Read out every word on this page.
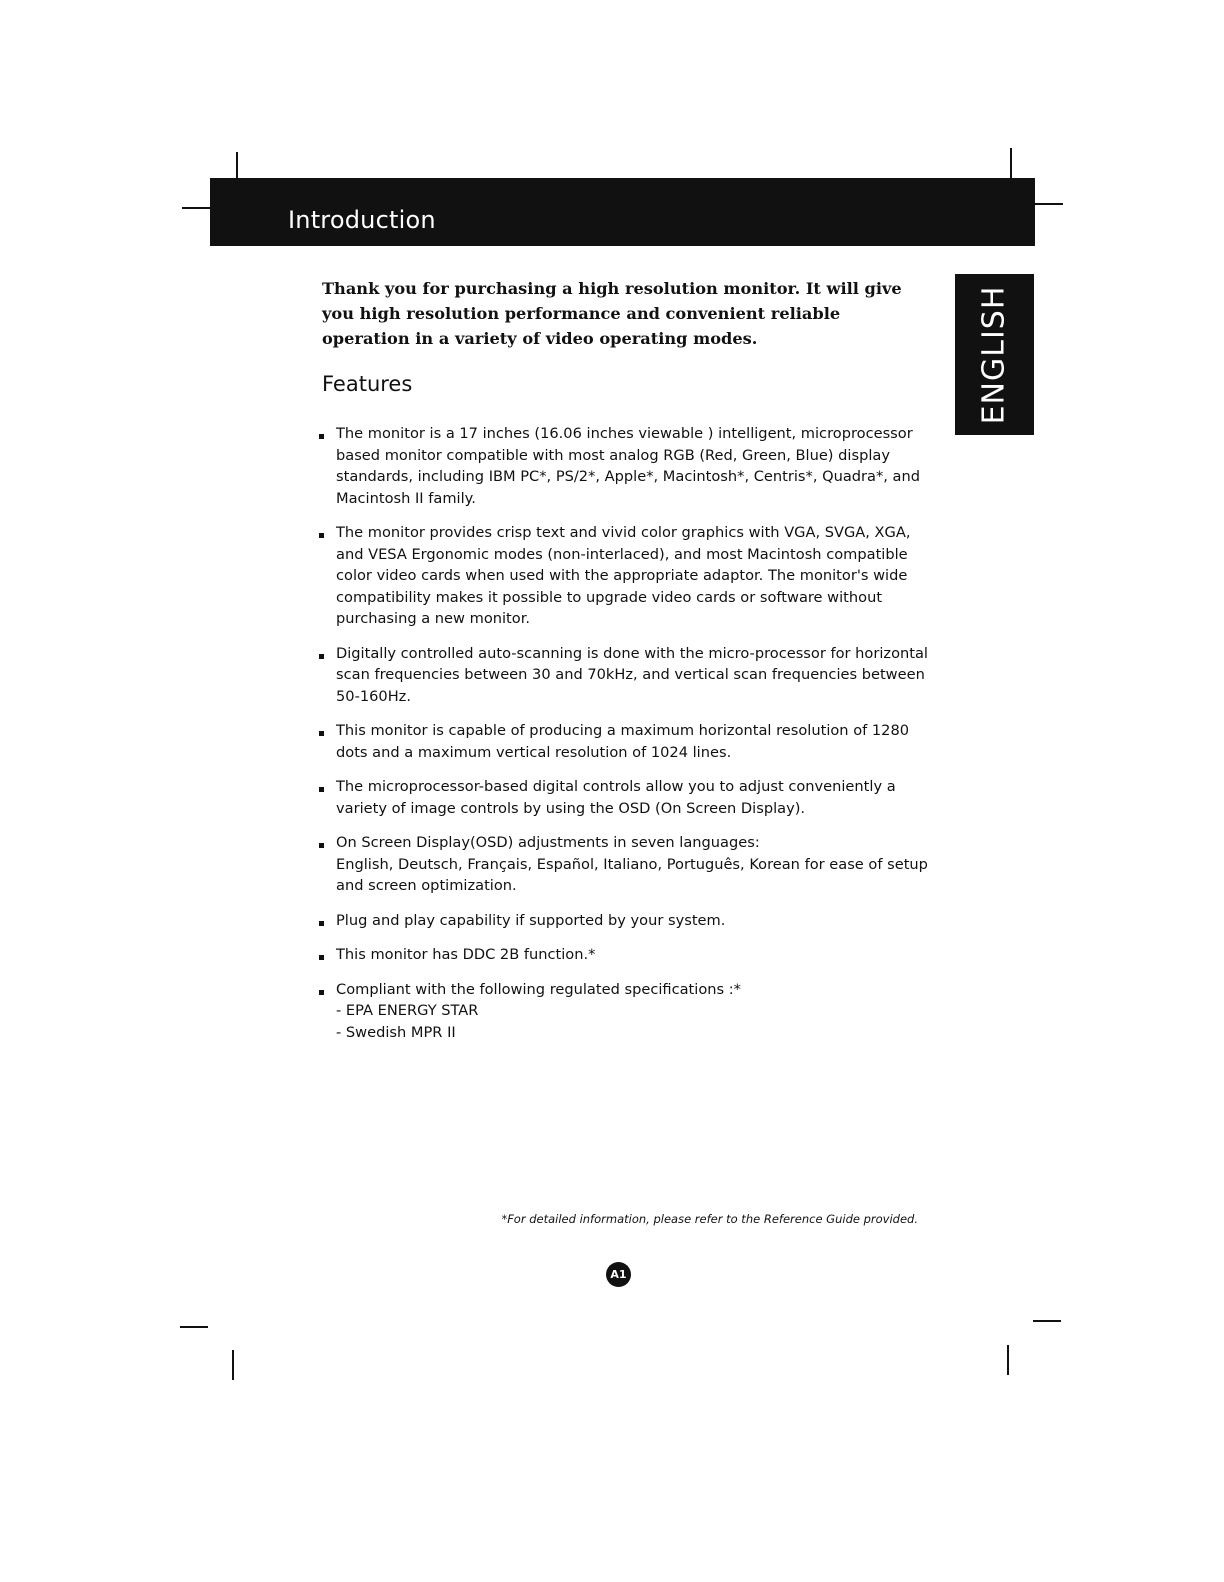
Introduction
ENGLISH

Thank you for purchasing a high resolution monitor. It will give you high resolution performance and convenient reliable operation in a variety of video operating modes.

Features
The monitor is a 17 inches (16.06 inches viewable ) intelligent, microprocessor based monitor compatible with most analog RGB (Red, Green, Blue) display standards, including IBM PC*, PS/2*, Apple*, Macintosh*, Centris*, Quadra*, and Macintosh II family.
The monitor provides crisp text and vivid color graphics with VGA, SVGA, XGA, and VESA Ergonomic modes (non-interlaced), and most Macintosh compatible color video cards when used with the appropriate adaptor. The monitor's wide compatibility makes it possible to upgrade video cards or software without purchasing a new monitor.
Digitally controlled auto-scanning is done with the micro-processor for horizontal scan frequencies between 30 and 70kHz, and vertical scan frequencies between 50-160Hz.
This monitor is capable of producing a maximum horizontal resolution of 1280 dots and a maximum vertical resolution of 1024 lines.
The microprocessor-based digital controls allow you to adjust conveniently a variety of image controls by using the OSD (On Screen Display).
On Screen Display(OSD) adjustments in seven languages:
English, Deutsch, Français, Español, Italiano, Português, Korean for ease of setup and screen optimization.
Plug and play capability if supported by your system.
This monitor has DDC 2B function.*
Compliant with the following regulated specifications :*
- EPA ENERGY STAR
- Swedish MPR II
*For detailed information, please refer to the Reference Guide provided.
A1
